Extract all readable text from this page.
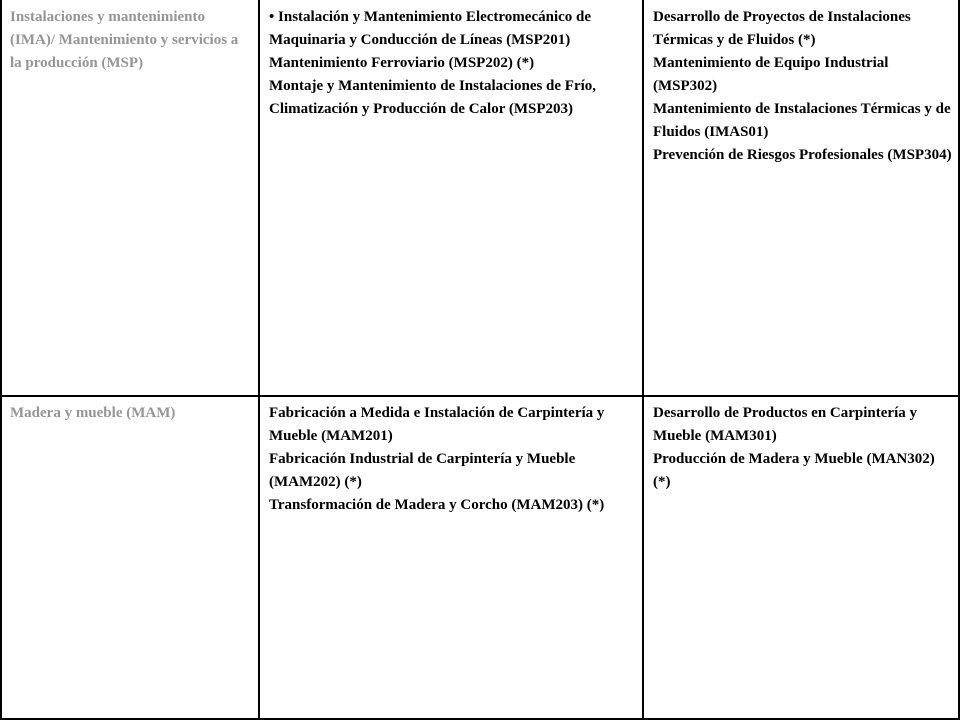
Instalaciones y mantenimiento (IMA)/ Mantenimiento y servicios a la producción (MSP)
• Instalación y Mantenimiento Electromecánico de Maquinaria y Conducción de Líneas (MSP201)
Mantenimiento Ferroviario (MSP202) (*)
Montaje y Mantenimiento de Instalaciones de Frío, Climatización y Producción de Calor (MSP203)
Desarrollo de Proyectos de Instalaciones Térmicas y de Fluidos (*)
Mantenimiento de Equipo Industrial (MSP302)
Mantenimiento de Instalaciones Térmicas y de Fluidos (IMAS01)
Prevención de Riesgos Profesionales (MSP304)
Madera y mueble (MAM)	Fabricación a Medida e Instalación de Carpintería y Mueble (MAM201)
Fabricación Industrial de Carpintería y Mueble (MAM202) (*)
Transformación de Madera y Corcho (MAM203) (*)
Desarrollo de Productos en Carpintería y Mueble (MAM301)
Producción de Madera y Mueble (MAN302) (*)
